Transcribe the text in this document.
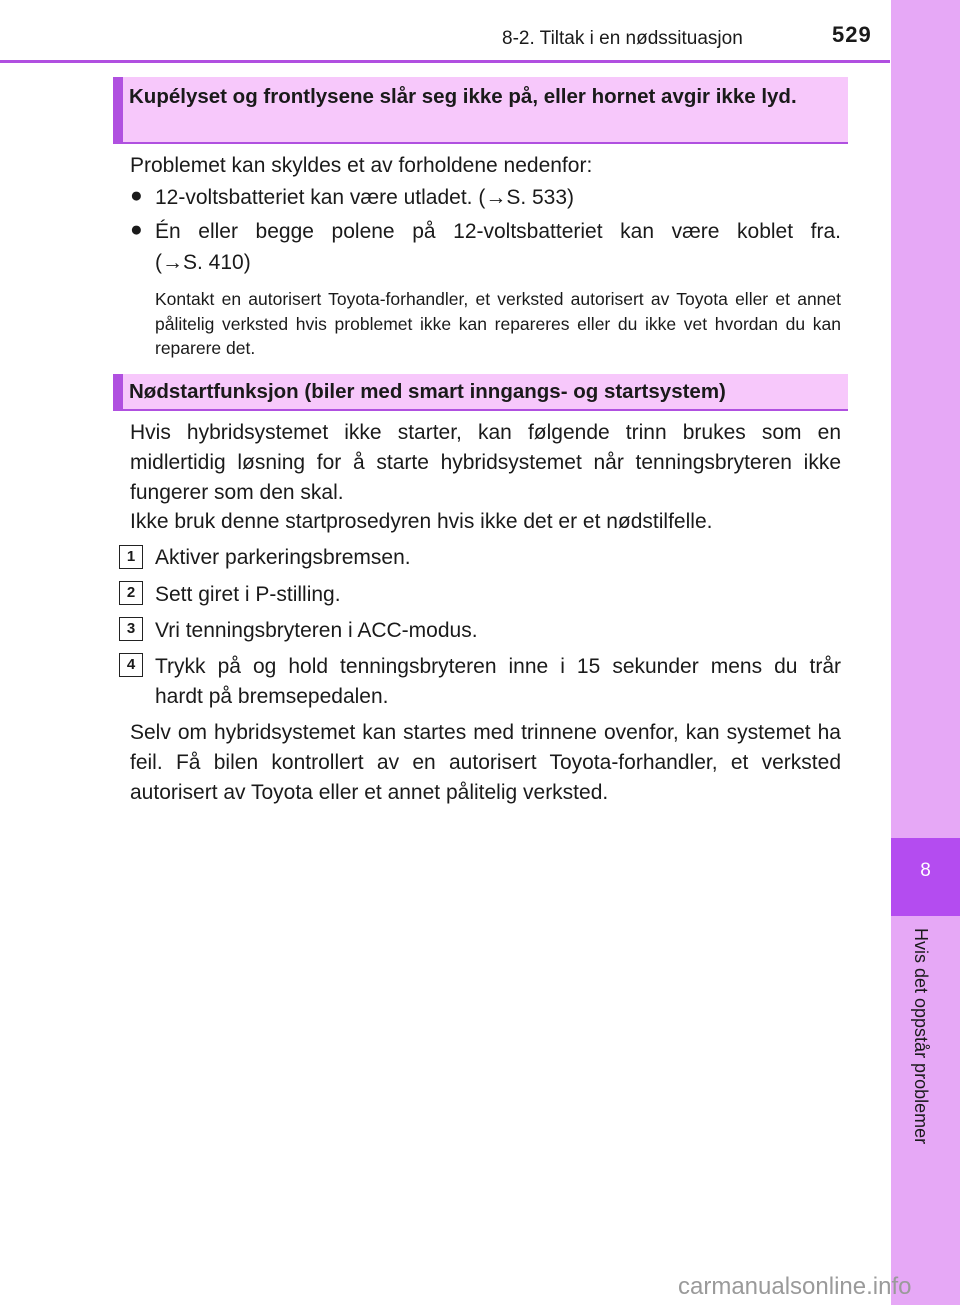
8-2. Tiltak i en nødssituasjon	529
8
Hvis det oppstår problemer
Kupélyset og frontlysene slår seg ikke på, eller hornet avgir ikke lyd.
Problemet kan skyldes et av forholdene nedenfor:
● 12-voltsbatteriet kan være utladet. (→S. 533)
● Én eller begge polene på 12-voltsbatteriet kan være koblet fra.
(→S. 410)
Kontakt en autorisert Toyota-forhandler, et verksted autorisert av Toyota eller et annet pålitelig verksted hvis problemet ikke kan repareres eller du ikke vet hvordan du kan reparere det.
Nødstartfunksjon (biler med smart inngangs- og startsystem)
Hvis hybridsystemet ikke starter, kan følgende trinn brukes som en midlertidig løsning for å starte hybridsystemet når tenningsbryteren ikke fungerer som den skal.
Ikke bruk denne startprosedyren hvis ikke det er et nødstilfelle.
1 Aktiver parkeringsbremsen.
2 Sett giret i P-stilling.
3 Vri tenningsbryteren i ACC-modus.
4 Trykk på og hold tenningsbryteren inne i 15 sekunder mens du trår
hardt på bremsepedalen.
Selv om hybridsystemet kan startes med trinnene ovenfor, kan systemet ha feil. Få bilen kontrollert av en autorisert Toyota-forhandler, et verksted autorisert av Toyota eller et annet pålitelig verksted.
carmanualsonline.info
